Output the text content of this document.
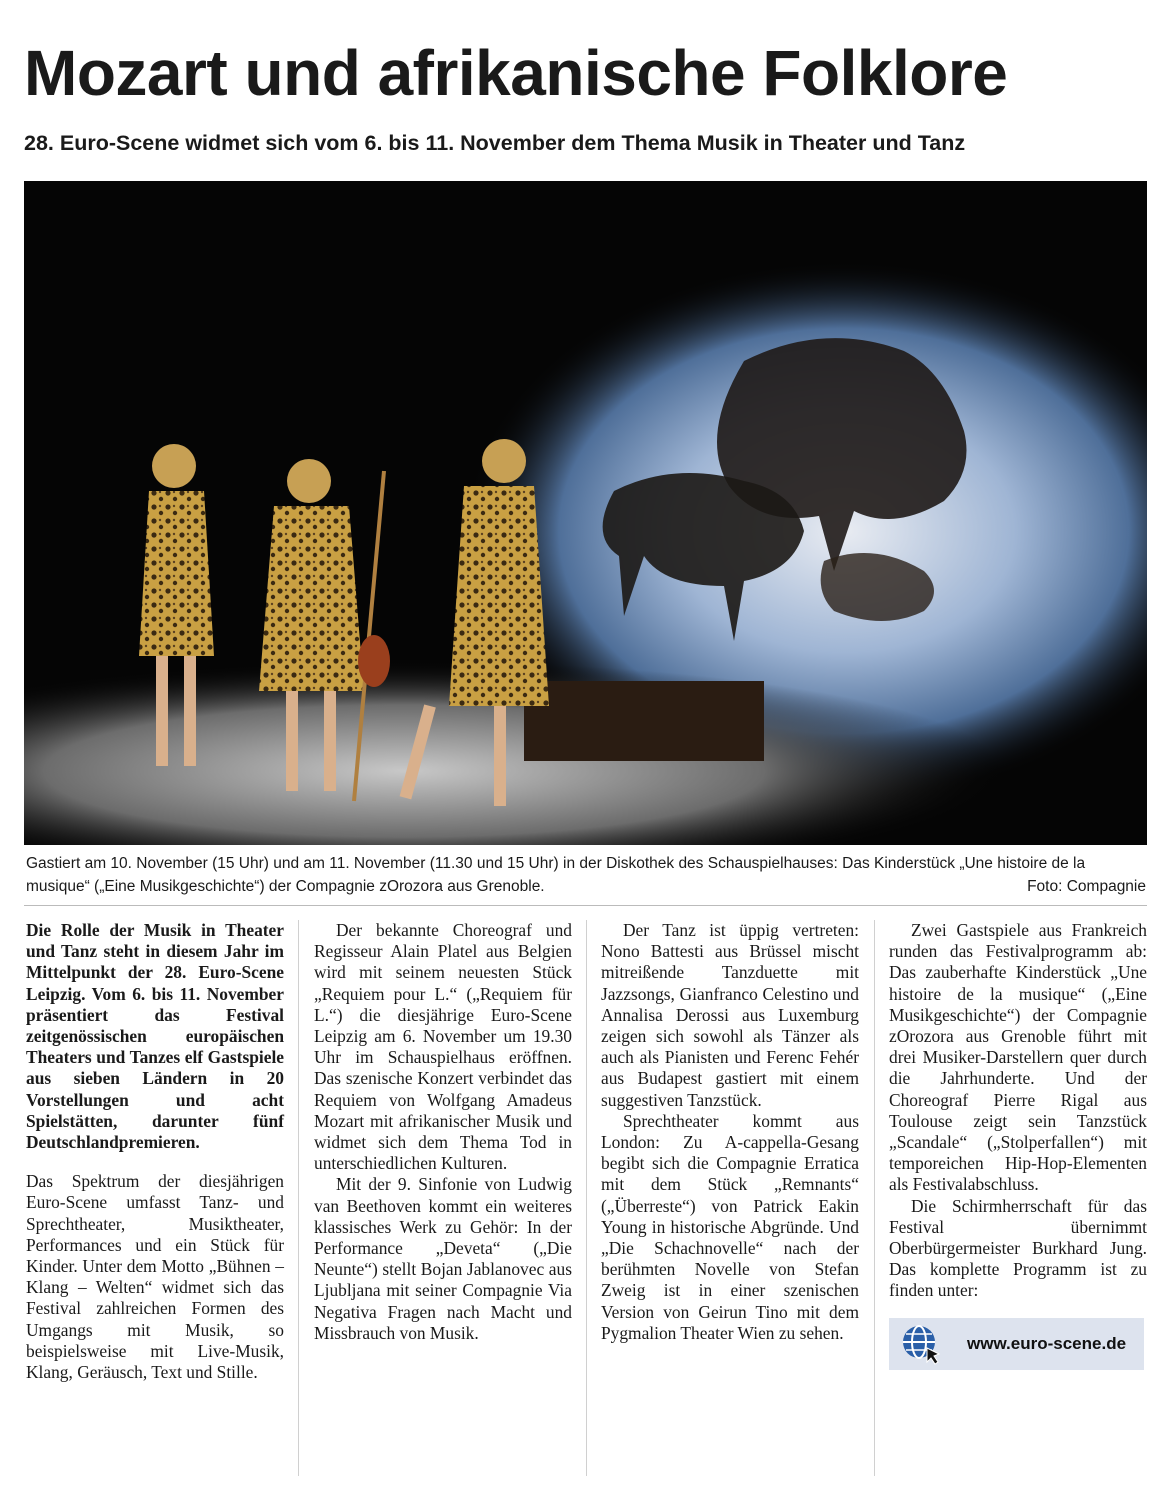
Mozart und afrikanische Folklore
28. Euro-Scene widmet sich vom 6. bis 11. November dem Thema Musik in Theater und Tanz
Gastiert am 10. November (15 Uhr) und am 11. November (11.30 und 15 Uhr) in der Diskothek des Schauspielhauses: Das Kinderstück „Une histoire de la musique“ („Eine Musikgeschichte“) der Compagnie zOrozora aus Grenoble.	Foto: Compagnie

Die Rolle der Musik in Theater und Tanz steht in diesem Jahr im Mittelpunkt der 28. Euro-Scene Leipzig. Vom 6. bis 11. November präsentiert das Festival zeitgenössischen europäischen Theaters und Tanzes elf Gastspiele aus sieben Ländern in 20 Vorstellungen und acht Spielstätten, darunter fünf Deutschlandpremieren.

Das Spektrum der diesjährigen Euro-Scene umfasst Tanz- und Sprechtheater, Musiktheater, Performances und ein Stück für Kinder. Unter dem Motto „Bühnen – Klang – Welten“ widmet sich das Festival zahlreichen Formen des Umgangs mit Musik, so beispielsweise mit Live-Musik, Klang, Geräusch, Text und Stille.

Der bekannte Choreograf und Regisseur Alain Platel aus Belgien wird mit seinem neuesten Stück „Requiem pour L.“ („Requiem für L.“) die diesjährige Euro-Scene Leipzig am 6. November um 19.30 Uhr im Schauspielhaus eröffnen. Das szenische Konzert verbindet das Requiem von Wolfgang Amadeus Mozart mit afrikanischer Musik und widmet sich dem Thema Tod in unterschiedlichen Kulturen.

Mit der 9. Sinfonie von Ludwig van Beethoven kommt ein weiteres klassisches Werk zu Gehör: In der Performance „Deveta“ („Die Neunte“) stellt Bojan Jablanovec aus Ljubljana mit seiner Compagnie Via Negativa Fragen nach Macht und Missbrauch von Musik.

Der Tanz ist üppig vertreten: Nono Battesti aus Brüssel mischt mitreißende Tanzduette mit Jazzsongs, Gianfranco Celestino und Annalisa Derossi aus Luxemburg zeigen sich sowohl als Tänzer als auch als Pianisten und Ferenc Fehér aus Budapest gastiert mit einem suggestiven Tanzstück.

Sprechtheater kommt aus London: Zu A-cappella-Gesang begibt sich die Compagnie Erratica mit dem Stück „Remnants“ („Überreste“) von Patrick Eakin Young in historische Abgründe. Und „Die Schachnovelle“ nach der berühmten Novelle von Stefan Zweig ist in einer szenischen Version von Geirun Tino mit dem Pygmalion Theater Wien zu sehen.

Zwei Gastspiele aus Frankreich runden das Festivalprogramm ab: Das zauberhafte Kinderstück „Une histoire de la musique“ („Eine Musikgeschichte“) der Compagnie zOrozora aus Grenoble führt mit drei Musiker-Darstellern quer durch die Jahrhunderte. Und der Choreograf Pierre Rigal aus Toulouse zeigt sein Tanzstück „Scandale“ („Stolperfallen“) mit temporeichen Hip-Hop-Elementen als Festivalabschluss.

Die Schirmherrschaft für das Festival übernimmt Oberbürgermeister Burkhard Jung. Das komplette Programm ist zu finden unter:

www.euro-scene.de
